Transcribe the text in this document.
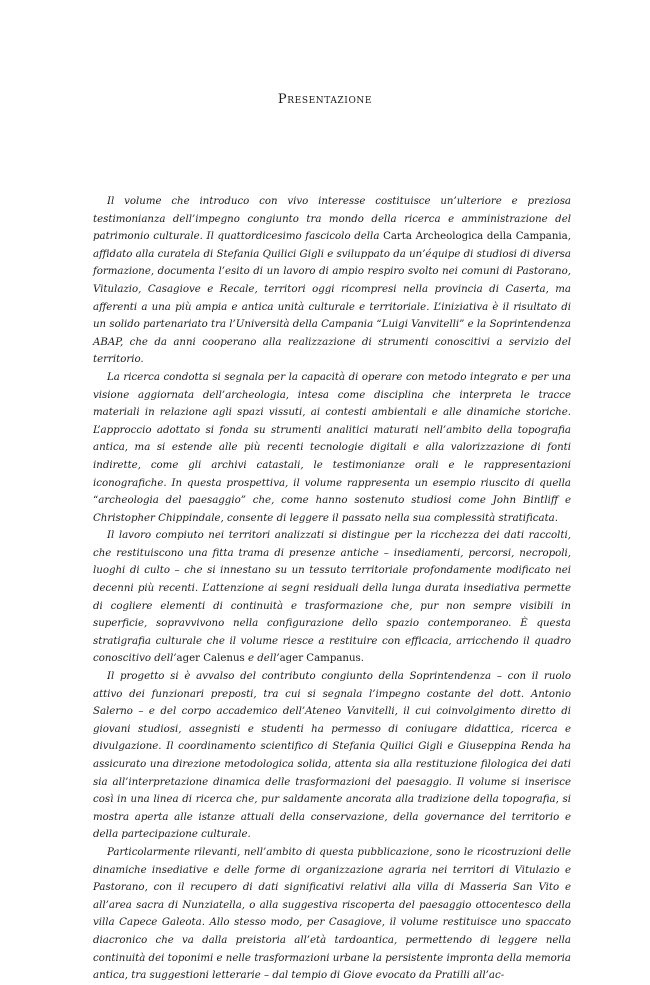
Presentazione

Il volume che introduco con vivo interesse costituisce un’ulteriore e preziosa testimonianza dell’impegno congiunto tra mondo della ricerca e amministrazione del patrimonio culturale. Il quattordicesimo fascicolo della Carta Archeologica della Campania, affidato alla curatela di Stefania Quilici Gigli e sviluppato da un’équipe di studiosi di diversa formazione, documenta l’esito di un lavoro di ampio respiro svolto nei comuni di Pastorano, Vitulazio, Casagiove e Recale, territori oggi ricompresi nella provincia di Caserta, ma afferenti a una più ampia e antica unità culturale e territoriale. L’iniziativa è il risultato di un solido partenariato tra l’Università della Campania “Luigi Vanvitelli” e la Soprintendenza ABAP, che da anni cooperano alla realizzazione di strumenti conoscitivi a servizio del territorio.

La ricerca condotta si segnala per la capacità di operare con metodo integrato e per una visione aggiornata dell’archeologia, intesa come disciplina che interpreta le tracce materiali in relazione agli spazi vissuti, ai contesti ambientali e alle dinamiche storiche. L’approccio adottato si fonda su strumenti analitici maturati nell’ambito della topografia antica, ma si estende alle più recenti tecnologie digitali e alla valorizzazione di fonti indirette, come gli archivi catastali, le testimonianze orali e le rappresentazioni iconografiche. In questa prospettiva, il volume rappresenta un esempio riuscito di quella “archeologia del paesaggio” che, come hanno sostenuto studiosi come John Bintliff e Christopher Chippindale, consente di leggere il passato nella sua complessità stratificata.

Il lavoro compiuto nei territori analizzati si distingue per la ricchezza dei dati raccolti, che restituiscono una fitta trama di presenze antiche – insediamenti, percorsi, necropoli, luoghi di culto – che si innestano su un tessuto territoriale profondamente modificato nei decenni più recenti. L’attenzione ai segni residuali della lunga durata insediativa permette di cogliere elementi di continuità e trasformazione che, pur non sempre visibili in superficie, sopravvivono nella configurazione dello spazio contemporaneo. È questa stratigrafia culturale che il volume riesce a restituire con efficacia, arricchendo il quadro conoscitivo dell’ager Calenus e dell’ager Campanus.

Il progetto si è avvalso del contributo congiunto della Soprintendenza – con il ruolo attivo dei funzionari preposti, tra cui si segnala l’impegno costante del dott. Antonio Salerno – e del corpo accademico dell’Ateneo Vanvitelli, il cui coinvolgimento diretto di giovani studiosi, assegnisti e studenti ha permesso di coniugare didattica, ricerca e divulgazione. Il coordinamento scientifico di Stefania Quilici Gigli e Giuseppina Renda ha assicurato una direzione metodologica solida, attenta sia alla restituzione filologica dei dati sia all’interpretazione dinamica delle trasformazioni del paesaggio. Il volume si inserisce così in una linea di ricerca che, pur saldamente ancorata alla tradizione della topografia, si mostra aperta alle istanze attuali della conservazione, della governance del territorio e della partecipazione culturale.

Particolarmente rilevanti, nell’ambito di questa pubblicazione, sono le ricostruzioni delle dinamiche insediative e delle forme di organizzazione agraria nei territori di Vitulazio e Pastorano, con il recupero di dati significativi relativi alla villa di Masseria San Vito e all’area sacra di Nunziatella, o alla suggestiva riscoperta del paesaggio ottocentesco della villa Capece Galeota. Allo stesso modo, per Casagiove, il volume restituisce uno spaccato diacronico che va dalla preistoria all’età tardoantica, permettendo di leggere nella continuità dei toponimi e nelle trasformazioni urbane la persistente impronta della memoria antica, tra suggestioni letterarie – dal tempio di Giove evocato da Pratilli all’ac-
